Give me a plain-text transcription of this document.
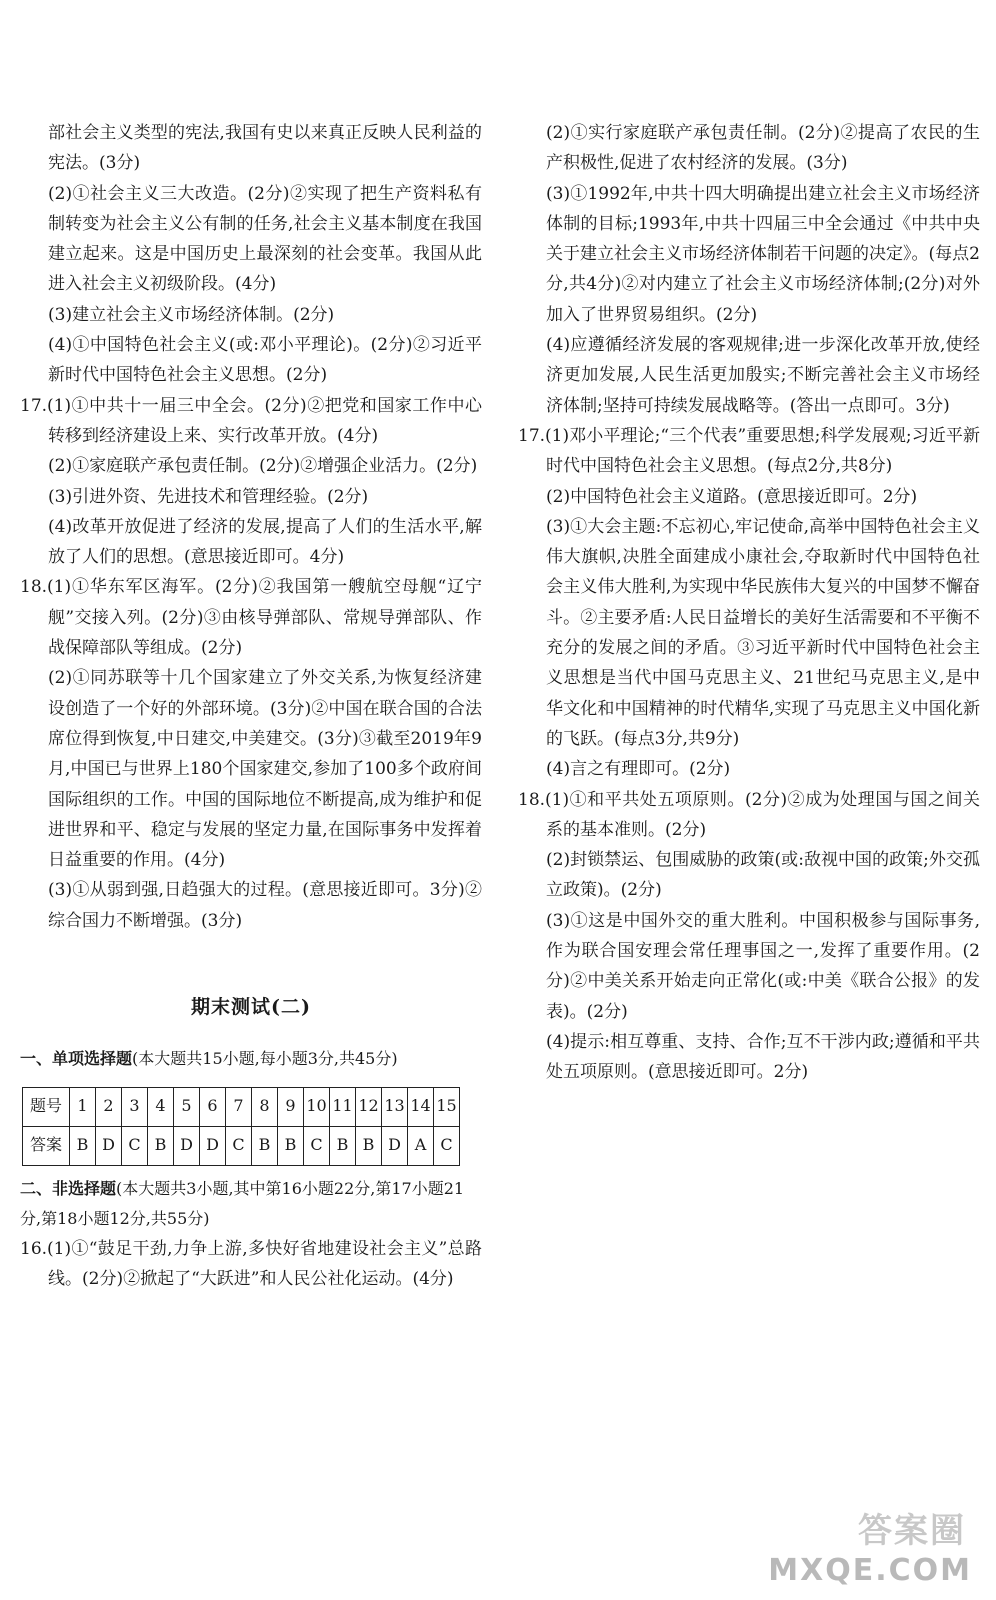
部社会主义类型的宪法,我国有史以来真正反映人民利益的宪法。(3分)

(2)①社会主义三大改造。(2分)②实现了把生产资料私有制转变为社会主义公有制的任务,社会主义基本制度在我国建立起来。这是中国历史上最深刻的社会变革。我国从此进入社会主义初级阶段。(4分)

(3)建立社会主义市场经济体制。(2分)

(4)①中国特色社会主义(或:邓小平理论)。(2分)②习近平新时代中国特色社会主义思想。(2分)

17.(1)①中共十一届三中全会。(2分)②把党和国家工作中心转移到经济建设上来、实行改革开放。(4分)

(2)①家庭联产承包责任制。(2分)②增强企业活力。(2分)

(3)引进外资、先进技术和管理经验。(2分)

(4)改革开放促进了经济的发展,提高了人们的生活水平,解放了人们的思想。(意思接近即可。4分)

18.(1)①华东军区海军。(2分)②我国第一艘航空母舰“辽宁舰”交接入列。(2分)③由核导弹部队、常规导弹部队、作战保障部队等组成。(2分)

(2)①同苏联等十几个国家建立了外交关系,为恢复经济建设创造了一个好的外部环境。(3分)②中国在联合国的合法席位得到恢复,中日建交,中美建交。(3分)③截至2019年9月,中国已与世界上180个国家建交,参加了100多个政府间国际组织的工作。中国的国际地位不断提高,成为维护和促进世界和平、稳定与发展的坚定力量,在国际事务中发挥着日益重要的作用。(4分)

(3)①从弱到强,日趋强大的过程。(意思接近即可。3分)②综合国力不断增强。(3分)

期末测试(二)

一、单项选择题(本大题共15小题,每小题3分,共45分)

题号	1	2	3	4	5	6	7	8	9	10	11	12	13	14	15
答案	B	D	C	B	D	D	C	B	B	C	B	B	D	A	C

二、非选择题(本大题共3小题,其中第16小题22分,第17小题21分,第18小题12分,共55分)

16.(1)①“鼓足干劲,力争上游,多快好省地建设社会主义”总路线。(2分)②掀起了“大跃进”和人民公社化运动。(4分)

(2)①实行家庭联产承包责任制。(2分)②提高了农民的生产积极性,促进了农村经济的发展。(3分)

(3)①1992年,中共十四大明确提出建立社会主义市场经济体制的目标;1993年,中共十四届三中全会通过《中共中央关于建立社会主义市场经济体制若干问题的决定》。(每点2分,共4分)②对内建立了社会主义市场经济体制;(2分)对外加入了世界贸易组织。(2分)

(4)应遵循经济发展的客观规律;进一步深化改革开放,使经济更加发展,人民生活更加殷实;不断完善社会主义市场经济体制;坚持可持续发展战略等。(答出一点即可。3分)

17.(1)邓小平理论;“三个代表”重要思想;科学发展观;习近平新时代中国特色社会主义思想。(每点2分,共8分)

(2)中国特色社会主义道路。(意思接近即可。2分)

(3)①大会主题:不忘初心,牢记使命,高举中国特色社会主义伟大旗帜,决胜全面建成小康社会,夺取新时代中国特色社会主义伟大胜利,为实现中华民族伟大复兴的中国梦不懈奋斗。②主要矛盾:人民日益增长的美好生活需要和不平衡不充分的发展之间的矛盾。③习近平新时代中国特色社会主义思想是当代中国马克思主义、21世纪马克思主义,是中华文化和中国精神的时代精华,实现了马克思主义中国化新的飞跃。(每点3分,共9分)

(4)言之有理即可。(2分)

18.(1)①和平共处五项原则。(2分)②成为处理国与国之间关系的基本准则。(2分)

(2)封锁禁运、包围威胁的政策(或:敌视中国的政策;外交孤立政策)。(2分)

(3)①这是中国外交的重大胜利。中国积极参与国际事务,作为联合国安理会常任理事国之一,发挥了重要作用。(2分)②中美关系开始走向正常化(或:中美《联合公报》的发表)。(2分)

(4)提示:相互尊重、支持、合作;互不干涉内政;遵循和平共处五项原则。(意思接近即可。2分)

答案圈
MXQE.COM
